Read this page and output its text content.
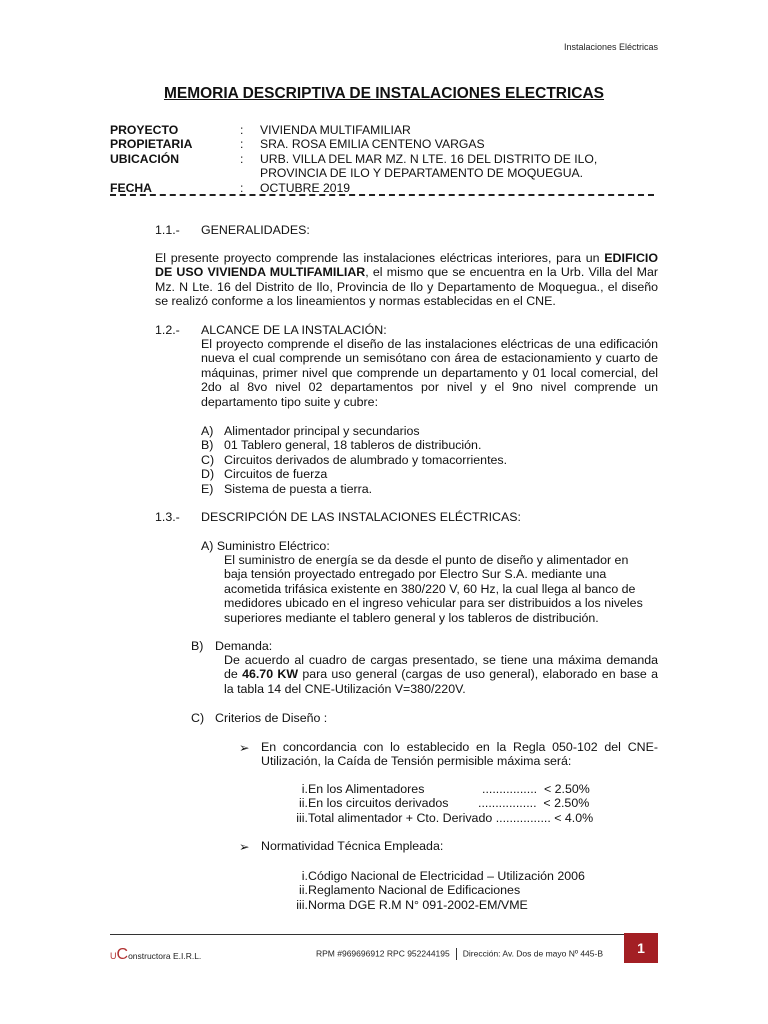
Instalaciones Eléctricas
MEMORIA DESCRIPTIVA DE INSTALACIONES ELECTRICAS
PROYECTO	:	VIVIENDA MULTIFAMILIAR
PROPIETARIA	:	SRA. ROSA EMILIA CENTENO VARGAS
UBICACIÓN	:	URB. VILLA DEL MAR MZ. N LTE. 16 DEL DISTRITO DE ILO, PROVINCIA DE ILO Y DEPARTAMENTO DE MOQUEGUA.
FECHA	:	OCTUBRE 2019
1.1.- GENERALIDADES:
El presente proyecto comprende las instalaciones eléctricas interiores, para un EDIFICIO DE USO VIVIENDA MULTIFAMILIAR, el mismo que se encuentra en la Urb. Villa del Mar Mz. N Lte. 16 del Distrito de Ilo, Provincia de Ilo y Departamento de Moquegua., el diseño se realizó conforme a los lineamientos y normas establecidas en el CNE.
1.2.- ALCANCE DE LA INSTALACIÓN:
El proyecto comprende el diseño de las instalaciones eléctricas de una edificación nueva el cual comprende un semisótano con área de estacionamiento y cuarto de máquinas, primer nivel que comprende un departamento y 01 local comercial, del 2do al 8vo nivel 02 departamentos por nivel y el 9no nivel comprende un departamento tipo suite y cubre:
A) Alimentador principal y secundarios
B) 01 Tablero general, 18 tableros de distribución.
C) Circuitos derivados de alumbrado y tomacorrientes.
D) Circuitos de fuerza
E) Sistema de puesta a tierra.
1.3.- DESCRIPCIÓN DE LAS INSTALACIONES ELÉCTRICAS:
A) Suministro Eléctrico:
El suministro de energía se da desde el punto de diseño y alimentador en baja tensión proyectado entregado por Electro Sur S.A. mediante una acometida trifásica existente en 380/220 V, 60 Hz, la cual llega al banco de medidores ubicado en el ingreso vehicular para ser distribuidos a los niveles superiores mediante el tablero general y los tableros de distribución.
B) Demanda:
De acuerdo al cuadro de cargas presentado, se tiene una máxima demanda de 46.70 KW para uso general (cargas de uso general), elaborado en base a la tabla 14 del CNE-Utilización V=380/220V.
C) Criterios de Diseño :
➢ En concordancia con lo establecido en la Regla 050-102 del CNE-Utilización, la Caída de Tensión permisible máxima será:
i. En los Alimentadores	................ < 2.50%
ii. En los circuitos derivados ................. < 2.50%
iii. Total alimentador + Cto. Derivado ................ < 4.0%
➢ Normatividad Técnica Empleada:
i. Código Nacional de Electricidad – Utilización 2006
ii. Reglamento Nacional de Edificaciones
iii. Norma DGE R.M N° 091-2002-EM/VME
UConstructora E.I.R.L.	RPM #969696912 RPC 952244195 Dirección: Av. Dos de mayo Nº 445-B	1
